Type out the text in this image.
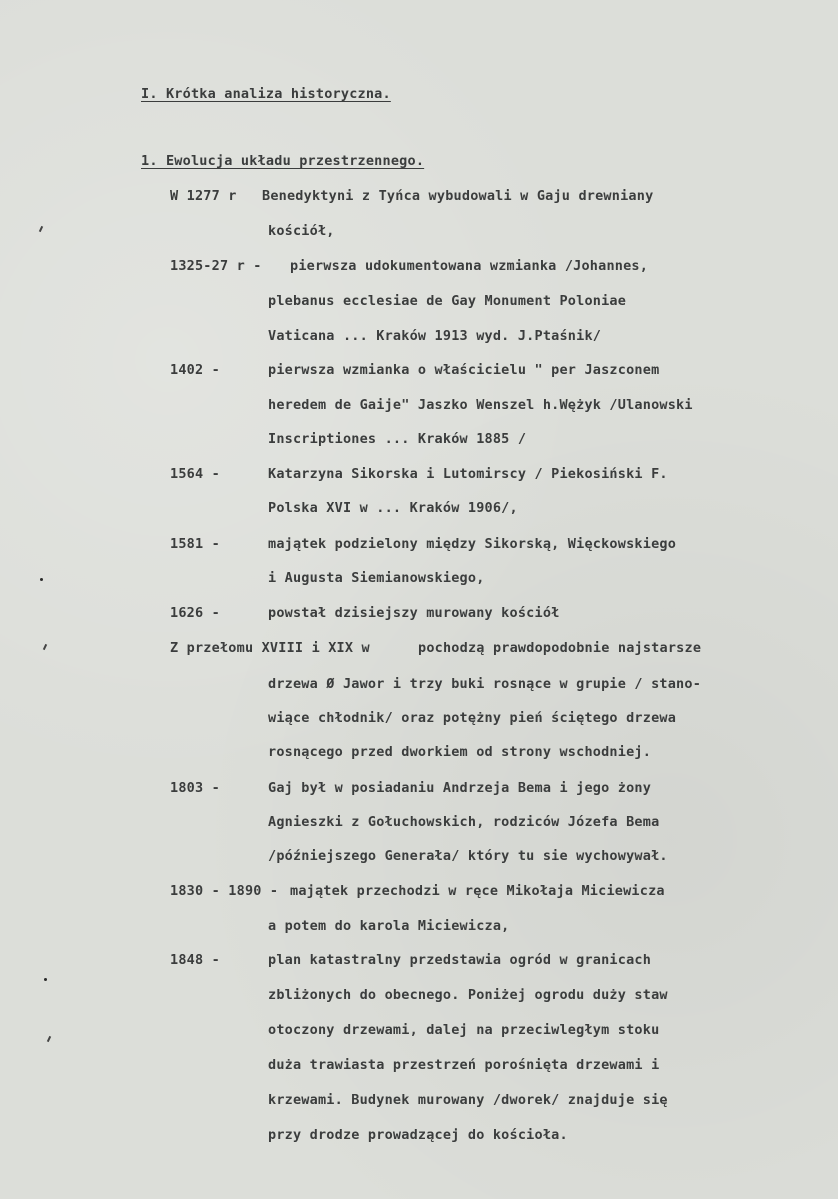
I. Krótka analiza historyczna.
1. Ewolucja układu przestrzennego.
W 1277 r Benedyktyni z Tyńca wybudowali w Gaju drewniany
kościół,
1325-27 r - pierwsza udokumentowana wzmianka /Johannes,
plebanus ecclesiae de Gay Monument Poloniae
Vaticana ... Kraków 1913 wyd. J.Ptaśnik/
1402 -	pierwsza wzmianka o właścicielu " per Jaszconem
heredem de Gaije" Jaszko Wenszel h.Wężyk /Ulanowski
Inscriptiones ... Kraków 1885 /
1564 -	Katarzyna Sikorska i Lutomirscy / Piekosiński F.
Polska XVI w ... Kraków 1906/,
1581 -	majątek podzielony między Sikorską, Więckowskiego
i Augusta Siemianowskiego,
1626 -	powstał dzisiejszy murowany kościół
Z przełomu XVIII i XIX w	pochodzą prawdopodobnie najstarsze
drzewa Ø Jawor i trzy buki rosnące w grupie / stano-
wiące chłodnik/ oraz potężny pień ściętego drzewa
rosnącego przed dworkiem od strony wschodniej.
1803 -	Gaj był w posiadaniu Andrzeja Bema i jego żony
Agnieszki z Gołuchowskich, rodziców Józefa Bema
/późniejszego Generała/ który tu sie wychowywał.
1830 - 1890 - majątek przechodzi w ręce Mikołaja Miciewicza
a potem do karola Miciewicza,
1848 -	plan katastralny przedstawia ogród w granicach
zbliżonych do obecnego. Poniżej ogrodu duży staw
otoczony drzewami, dalej na przeciwległym stoku
duża trawiasta przestrzeń porośnięta drzewami i
krzewami. Budynek murowany /dworek/ znajduje się
przy drodze prowadzącej do kościoła.
